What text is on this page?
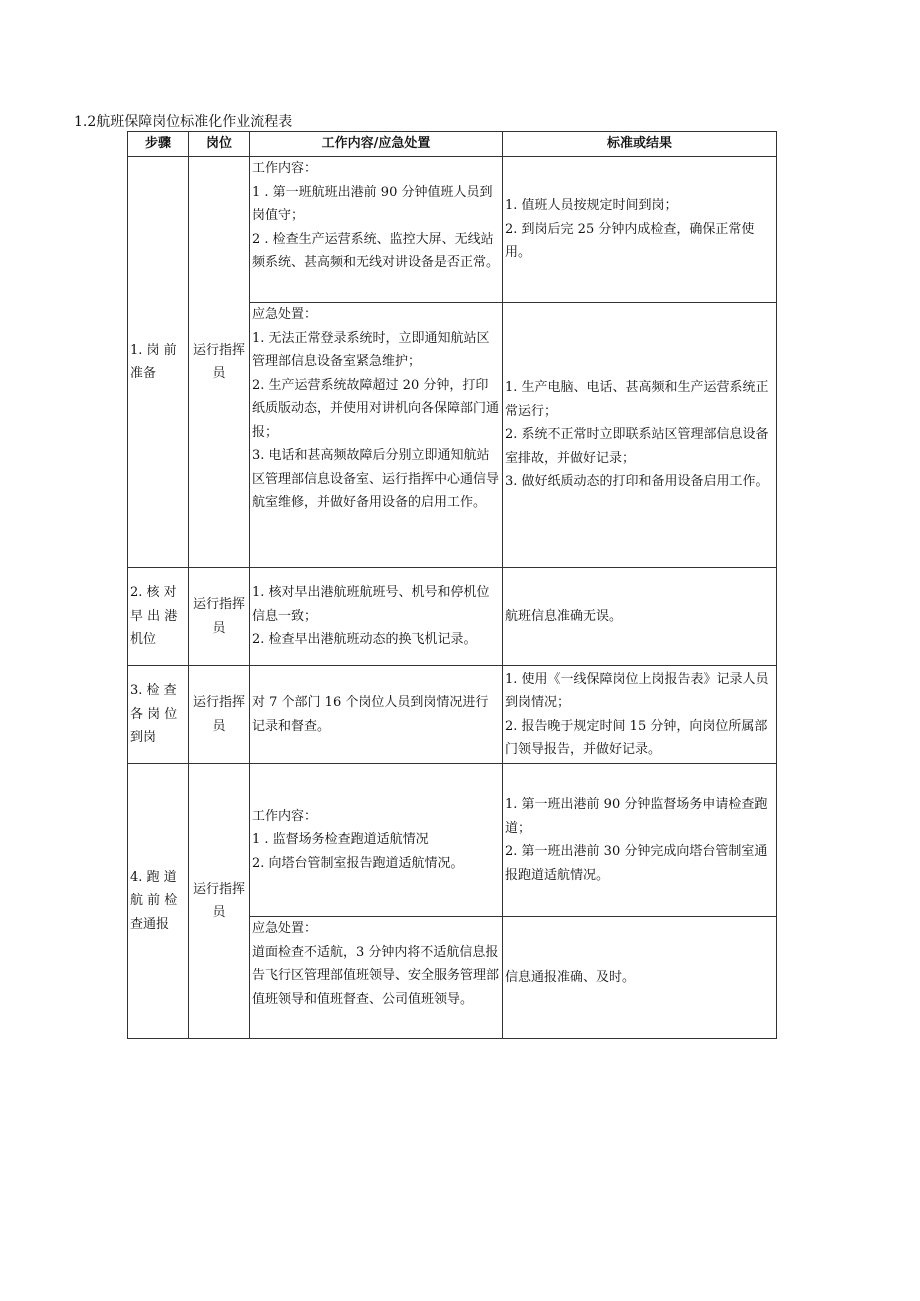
1.2航班保障岗位标准化作业流程表
步骤	岗位	工作内容/应急处置	标准或结果
1. 岗 前准备	运行指挥员	工作内容：
1 . 第一班航班出港前 90 分钟值班人员到岗值守；
2 . 检查生产运营系统、监控大屏、无线站频系统、甚高频和无线对讲设备是否正常。	1. 值班人员按规定时间到岗；
2. 到岗后完 25 分钟内成检查，确保正常使用。

		应急处置：
1. 无法正常登录系统时，立即通知航站区管理部信息设备室紧急维护；
2. 生产运营系统故障超过 20 分钟，打印纸质版动态，并使用对讲机向各保障部门通报；
3. 电话和甚高频故障后分别立即通知航站区管理部信息设备室、运行指挥中心通信导航室维修，并做好备用设备的启用工作。	1. 生产电脑、电话、甚高频和生产运营系统正常运行；
2. 系统不正常时立即联系站区管理部信息设备室排故，并做好记录；
3. 做好纸质动态的打印和备用设备启用工作。

2. 核 对早 出 港机位	运行指挥员	1. 核对早出港航班航班号、机号和停机位信息一致；
2. 检查早出港航班动态的换飞机记录。	航班信息准确无误。

3. 检 查各 岗 位到岗	运行指挥员	对 7 个部门 16 个岗位人员到岗情况进行记录和督查。	1. 使用《一线保障岗位上岗报告表》记录人员到岗情况；
2. 报告晚于规定时间 15 分钟，向岗位所属部门领导报告，并做好记录。

4. 跑 道航 前 检查通报	运行指挥员	工作内容：
1 . 监督场务检查跑道适航情况
2. 向塔台管制室报告跑道适航情况。	1. 第一班出港前 90 分钟监督场务申请检查跑道；
2. 第一班出港前 30 分钟完成向塔台管制室通报跑道适航情况。

		应急处置：
道面检查不适航，3 分钟内将不适航信息报告飞行区管理部值班领导、安全服务管理部值班领导和值班督查、公司值班领导。	信息通报准确、及时。
